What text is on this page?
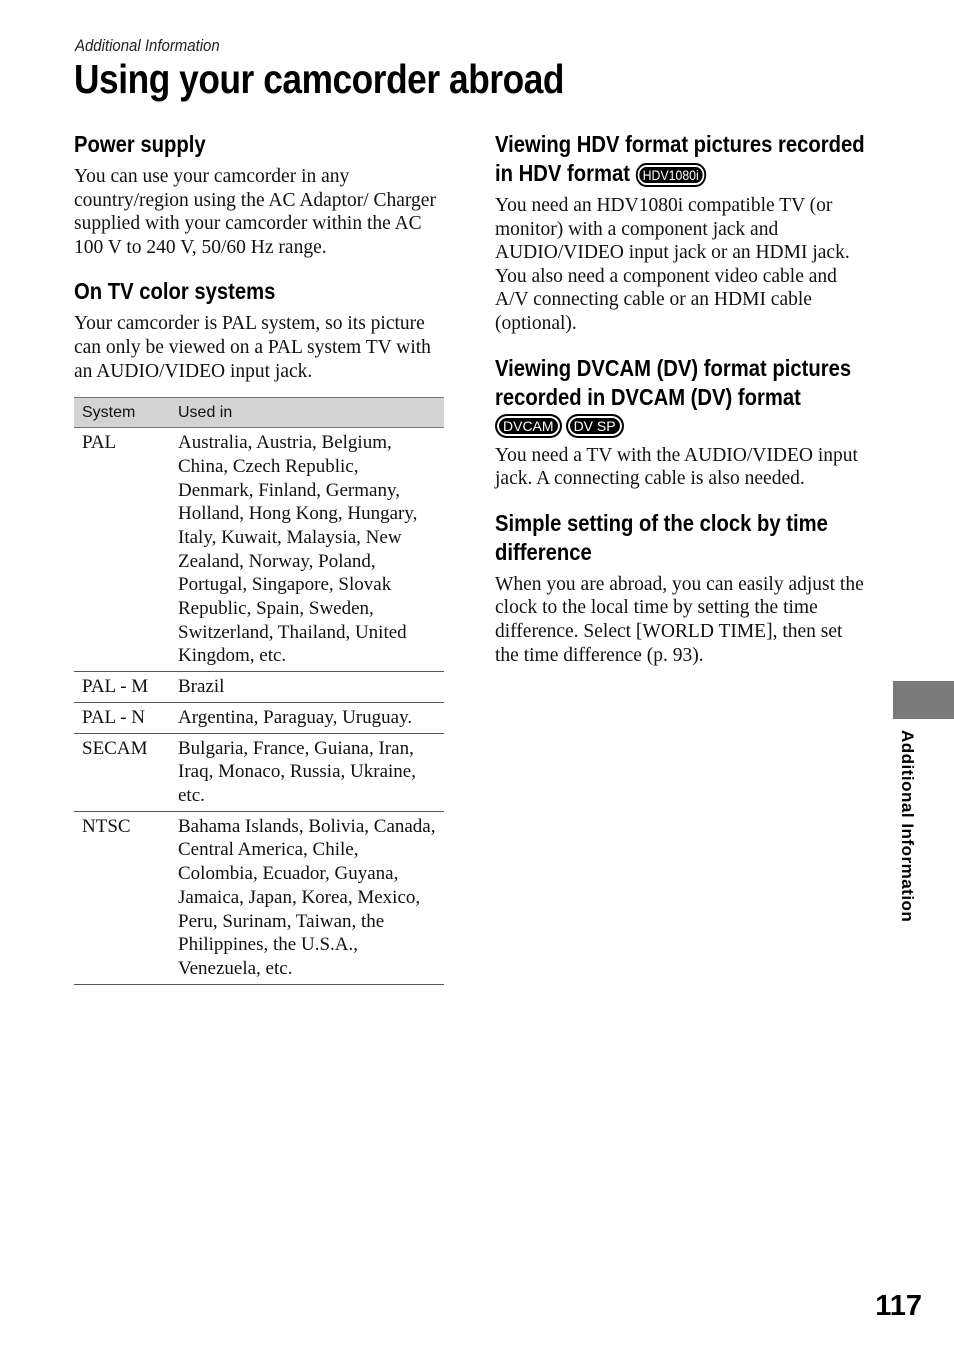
Additional Information
Using your camcorder abroad
Power supply

You can use your camcorder in any country/region using the AC Adaptor/ Charger supplied with your camcorder within the AC 100 V to 240 V, 50/60 Hz range.

On TV color systems

Your camcorder is PAL system, so its picture can only be viewed on a PAL system TV with an AUDIO/VIDEO input jack.

System	Used in
PAL	Australia, Austria, Belgium, China, Czech Republic, Denmark, Finland, Germany, Holland, Hong Kong, Hungary, Italy, Kuwait, Malaysia, New Zealand, Norway, Poland, Portugal, Singapore, Slovak Republic, Spain, Sweden, Switzerland, Thailand, United Kingdom, etc.
PAL - M	Brazil
PAL - N	Argentina, Paraguay, Uruguay.
SECAM	Bulgaria, France, Guiana, Iran, Iraq, Monaco, Russia, Ukraine, etc.
NTSC	Bahama Islands, Bolivia, Canada, Central America, Chile, Colombia, Ecuador, Guyana, Jamaica, Japan, Korea, Mexico, Peru, Surinam, Taiwan, the Philippines, the U.S.A., Venezuela, etc.
Viewing HDV format pictures recorded in HDV format HDV1080i

You need an HDV1080i compatible TV (or monitor) with a component jack and AUDIO/VIDEO input jack or an HDMI jack. You also need a component video cable and A/V connecting cable or an HDMI cable (optional).

Viewing DVCAM (DV) format pictures recorded in DVCAM (DV) format
DVCAM DV SP

You need a TV with the AUDIO/VIDEO input jack. A connecting cable is also needed.

Simple setting of the clock by time difference

When you are abroad, you can easily adjust the clock to the local time by setting the time difference. Select [WORLD TIME], then set the time difference (p. 93).

Additional Information
117
